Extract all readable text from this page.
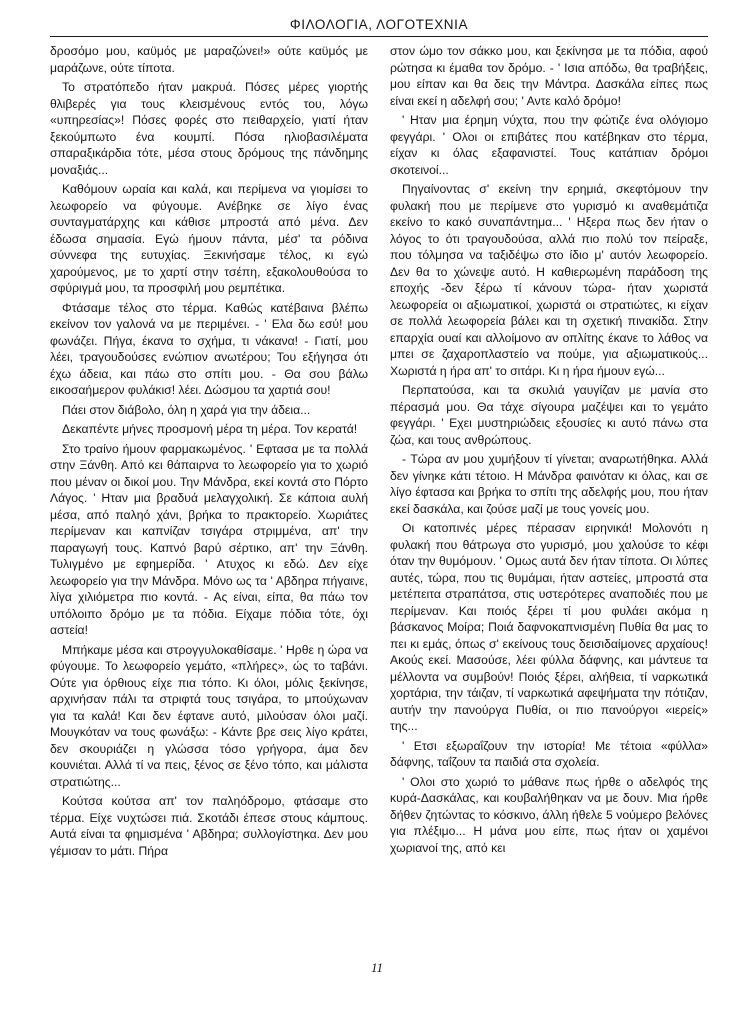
ΦΙΛΟΛΟΓΙΑ, ΛΟΓΟΤΕΧΝΙΑ

δροσόμο μου, καϋμός με μαραζώνει!» ούτε καϋμός με μαράζωνε, ούτε τίποτα.

Το στρατόπεδο ήταν μακρυά. Πόσες μέρες γιορτής θλιβερές για τους κλεισμένους εντός του, λόγω «υπηρεσίας»! Πόσες φορές στο πειθαρχείο, γιατί ήταν ξεκούμπωτο ένα κουμπί. Πόσα ηλιοβασιλέματα σπαραξικάρδια τότε, μέσα στους δρόμους της πάνδημης μοναξιάς...

Καθόμουν ωραία και καλά, και περίμενα να γιομίσει το λεωφορείο να φύγουμε. Ανέβηκε σε λίγο ένας συνταγματάρχης και κάθισε μπροστά από μένα. Δεν έδωσα σημασία. Εγώ ήμουν πάντα, μέσ' τα ρόδινα σύννεφα της ευτυχίας. Ξεκινήσαμε τέλος, κι εγώ χαρούμενος, με το χαρτί στην τσέπη, εξακολουθούσα το σφύριγμά μου, τα προσφιλή μου ρεμπέτικα.

Φτάσαμε τέλος στο τέρμα. Καθώς κατέβαινα βλέπω εκείνον τον γαλονά να με περιμένει. - ' Ελα δω εσύ! μου φωνάζει. Πήγα, έκανα το σχήμα, τι νάκανα! - Γιατί, μου λέει, τραγουδούσες ενώπιον ανωτέρου; Του εξήγησα ότι έχω άδεια, και πάω στο σπίτι μου. - Θα σου βάλω εικοσαήμερον φυλάκισ! λέει. Δώσμου τα χαρτιά σου!

Πάει στον διάβολο, όλη η χαρά για την άδεια...

Δεκαπέντε μήνες προσμονή μέρα τη μέρα. Τον κερατά!

Στο τραίνο ήμουν φαρμακωμένος. ' Εφτασα με τα πολλά στην Ξάνθη. Από κει θάπαιρνα το λεωφορείο για το χωριό που μέναν οι δικοί μου. Την Μάνδρα, εκεί κοντά στο Πόρτο Λάγος. ' Ηταν μια βραδυά μελαγχολική. Σε κάποια αυλή μέσα, από παληό χάνι, βρήκα το πρακτορείο. Χωριάτες περίμεναν και καπνίζαν τσιγάρα στριμμένα, απ' την παραγωγή τους. Καπνό βαρύ σέρτικο, απ' την Ξάνθη. Τυλιγμένο με εφημερίδα. ' Ατυχος κι εδώ. Δεν είχε λεωφορείο για την Μάνδρα. Μόνο ως τα ' Αβδηρα πήγαινε, λίγα χιλιόμετρα πιο κοντά. - Ας είναι, είπα, θα πάω τον υπόλοιπο δρόμο με τα πόδια. Είχαμε πόδια τότε, όχι αστεία!

Μπήκαμε μέσα και στρογγυλοκαθίσαμε. ' Ηρθε η ώρα να φύγουμε. Το λεωφορείο γεμάτο, «πλήρες», ώς το ταβάνι. Ούτε για όρθιους είχε πια τόπο. Κι όλοι, μόλις ξεκίνησε, αρχινήσαν πάλι τα στριφτά τους τσιγάρα, το μπούχωναν για τα καλά! Και δεν έφτανε αυτό, μιλούσαν όλοι μαζί. Μουγκόταν να τους φωνάξω: - Κάντε βρε σεις λίγο κράτει, δεν σκουριάζει η γλώσσα τόσο γρήγορα, άμα δεν κουνιέται. Αλλά τί να πεις, ξένος σε ξένο τόπο, και μάλιστα στρατιώτης...

Κούτσα κούτσα απ' τον παληόδρομο, φτάσαμε στο τέρμα. Είχε νυχτώσει πιά. Σκοτάδι έπεσε στους κάμπους. Αυτά είναι τα φημισμένα ' Αβδηρα; συλλογίστηκα. Δεν μου γέμισαν το μάτι. Πήρα

στον ώμο τον σάκκο μου, και ξεκίνησα με τα πόδια, αφού ρώτησα κι έμαθα τον δρόμο. - ' Ισια απόδω, θα τραβήξεις, μου είπαν και θα δεις την Μάντρα. Δασκάλα είπες πως είναι εκεί η αδελφή σου; ' Αντε καλό δρόμο!

' Ηταν μια έρημη νύχτα, που την φώτιζε ένα ολόγιομο φεγγάρι. ' Ολοι οι επιβάτες που κατέβηκαν στο τέρμα, είχαν κι όλας εξαφανιστεί. Τους κατάπιαν δρόμοι σκοτεινοί...

Πηγαίνοντας σ' εκείνη την ερημιά, σκεφτόμουν την φυλακή που με περίμενε στο γυρισμό κι αναθεμάτιζα εκείνο το κακό συναπάντημα... ' Ηξερα πως δεν ήταν ο λόγος το ότι τραγουδούσα, αλλά πιο πολύ τον πείραξε, που τόλμησα να ταξιδέψω στο ίδιο μ' αυτόν λεωφορείο. Δεν θα το χώνεψε αυτό. Η καθιερωμένη παράδοση της εποχής -δεν ξέρω τί κάνουν τώρα- ήταν χωριστά λεωφορεία οι αξιωματικοί, χωριστά οι στρατιώτες, κι είχαν σε πολλά λεωφορεία βάλει και τη σχετική πινακίδα. Στην επαρχία ουαί και αλλοίμονο αν οπλίτης έκανε το λάθος να μπει σε ζαχαροπλαστείο να πούμε, για αξιωματικούς... Χωριστά η ήρα απ' το σιτάρι. Κι η ήρα ήμουν εγώ...

Περπατούσα, και τα σκυλιά γαυγίζαν με μανία στο πέρασμά μου. Θα τάχε σίγουρα μαζέψει και το γεμάτο φεγγάρι. ' Εχει μυστηριώδεις εξουσίες κι αυτό πάνω στα ζώα, και τους ανθρώπους.

- Τώρα αν μου χυμήξουν τί γίνεται; αναρωτήθηκα. Αλλά δεν γίνηκε κάτι τέτοιο. Η Μάνδρα φαινόταν κι όλας, και σε λίγο έφτασα και βρήκα το σπίτι της αδελφής μου, που ήταν εκεί δασκάλα, και ζούσε μαζί με τους γονείς μου.

Οι κατοπινές μέρες πέρασαν ειρηνικά! Μολονότι η φυλακή που θάτρωγα στο γυρισμό, μου χαλούσε το κέφι όταν την θυμόμουν. ' Ομως αυτά δεν ήταν τίποτα. Οι λύπες αυτές, τώρα, που τις θυμάμαι, ήταν αστείες, μπροστά στα μετέπειτα στραπάτσα, στις υστερότερες αναποδιές που με περίμεναν. Και ποιός ξέρει τί μου φυλάει ακόμα η βάσκανος Μοίρα; Ποιά δαφνοκαπνισμένη Πυθία θα μας το πει κι εμάς, όπως σ' εκείνους τους δεισιδαίμονες αρχαίους! Ακούς εκεί. Μασούσε, λέει φύλλα δάφνης, και μάντευε τα μέλλοντα να συμβούν! Ποιός ξέρει, αλήθεια, τί ναρκωτικά χορτάρια, την τάιζαν, τί ναρκωτικά αφεψήματα την πότιζαν, αυτήν την πανούργα Πυθία, οι πιο πανούργοι «ιερείς» της...

' Ετσι εξωραΐζουν την ιστορία! Με τέτοια «φύλλα» δάφνης, ταΐζουν τα παιδιά στα σχολεία.

' Ολοι στο χωριό το μάθανε πως ήρθε ο αδελφός της κυρά-Δασκάλας, και κουβαλήθηκαν να με δουν. Μια ήρθε δήθεν ζητώντας το κόσκινο, άλλη ήθελε 5 νούμερο βελόνες για πλέξιμο... Η μάνα μου είπε, πως ήταν οι χαμένοι χωριανοί της, από κει

11
